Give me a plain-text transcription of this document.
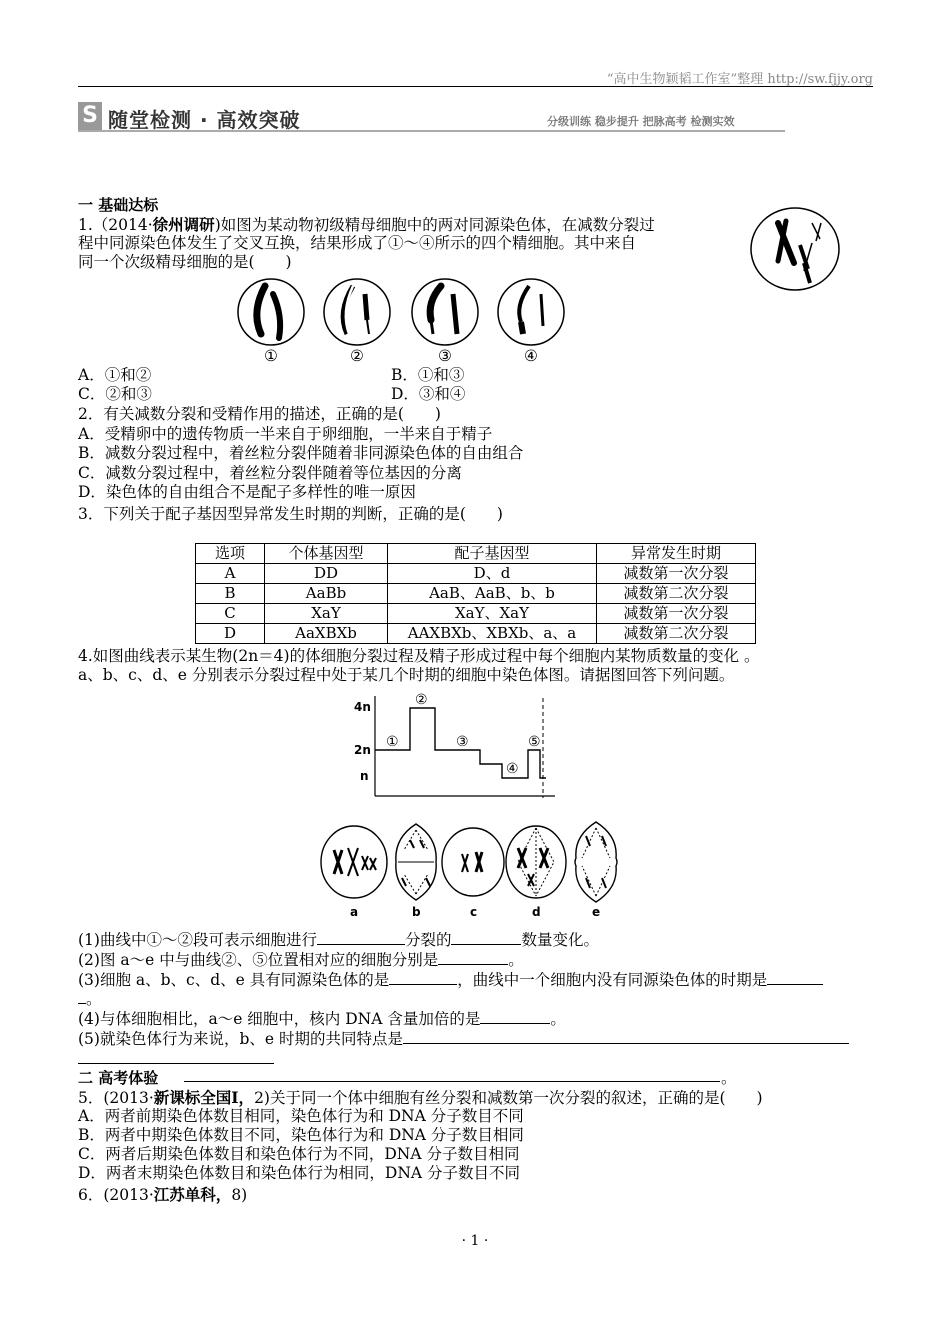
“高中生物颖韬工作室”整理 http://sw.fjjy.org
S 随堂检测 · 高效突破	分级训练 稳步提升 把脉高考 检测实效
一 基础达标
1.（2014·徐州调研)如图为某动物初级精母细胞中的两对同源染色体，在减数分裂过
程中同源染色体发生了交叉互换，结果形成了①～④所示的四个精细胞。其中来自
同一个次级精母细胞的是(　　)
①	②	③	④
A．①和②	B．①和③
C．②和③	D．③和④
2．有关减数分裂和受精作用的描述，正确的是(　　)
A．受精卵中的遗传物质一半来自于卵细胞，一半来自于精子
B．减数分裂过程中，着丝粒分裂伴随着非同源染色体的自由组合
C．减数分裂过程中，着丝粒分裂伴随着等位基因的分离
D．染色体的自由组合不是配子多样性的唯一原因
3．下列关于配子基因型异常发生时期的判断，正确的是(　　)
选项	个体基因型	配子基因型	异常发生时期
A	DD	D、d	减数第一次分裂
B	AaBb	AaB、AaB、b、b	减数第二次分裂
C	XaY	XaY、XaY	减数第一次分裂
D	AaXBXb	AAXBXb、XBXb、a、a	减数第二次分裂
4.如图曲线表示某生物(2n＝4)的体细胞分裂过程及精子形成过程中每个细胞内某物质数量的变化 。
a、b、c、d、e 分别表示分裂过程中处于某几个时期的细胞中染色体图。请据图回答下列问题。
4n
2n
n
①
②
③
④
⑤
a	b	c	d	e
(1)曲线中①～②段可表示细胞进行	分裂的	数量变化。
(2)图 a～e 中与曲线②、⑤位置相对应的细胞分别是	。
(3)细胞 a、b、c、d、e 具有同源染色体的是	，曲线中一个细胞内没有同源染色体的时期是
。
(4)与体细胞相比，a～e 细胞中，核内 DNA 含量加倍的是	。
(5)就染色体行为来说，b、e 时期的共同特点是
二 高考体验	。
5．(2013·新课标全国Ⅰ，2)关于同一个体中细胞有丝分裂和减数第一次分裂的叙述，正确的是(　　)
A．两者前期染色体数目相同，染色体行为和 DNA 分子数目不同
B．两者中期染色体数目不同，染色体行为和 DNA 分子数目相同
C．两者后期染色体数目和染色体行为不同，DNA 分子数目相同
D．两者末期染色体数目和染色体行为相同，DNA 分子数目不同
6．(2013·江苏单科，8)
· 1 ·
